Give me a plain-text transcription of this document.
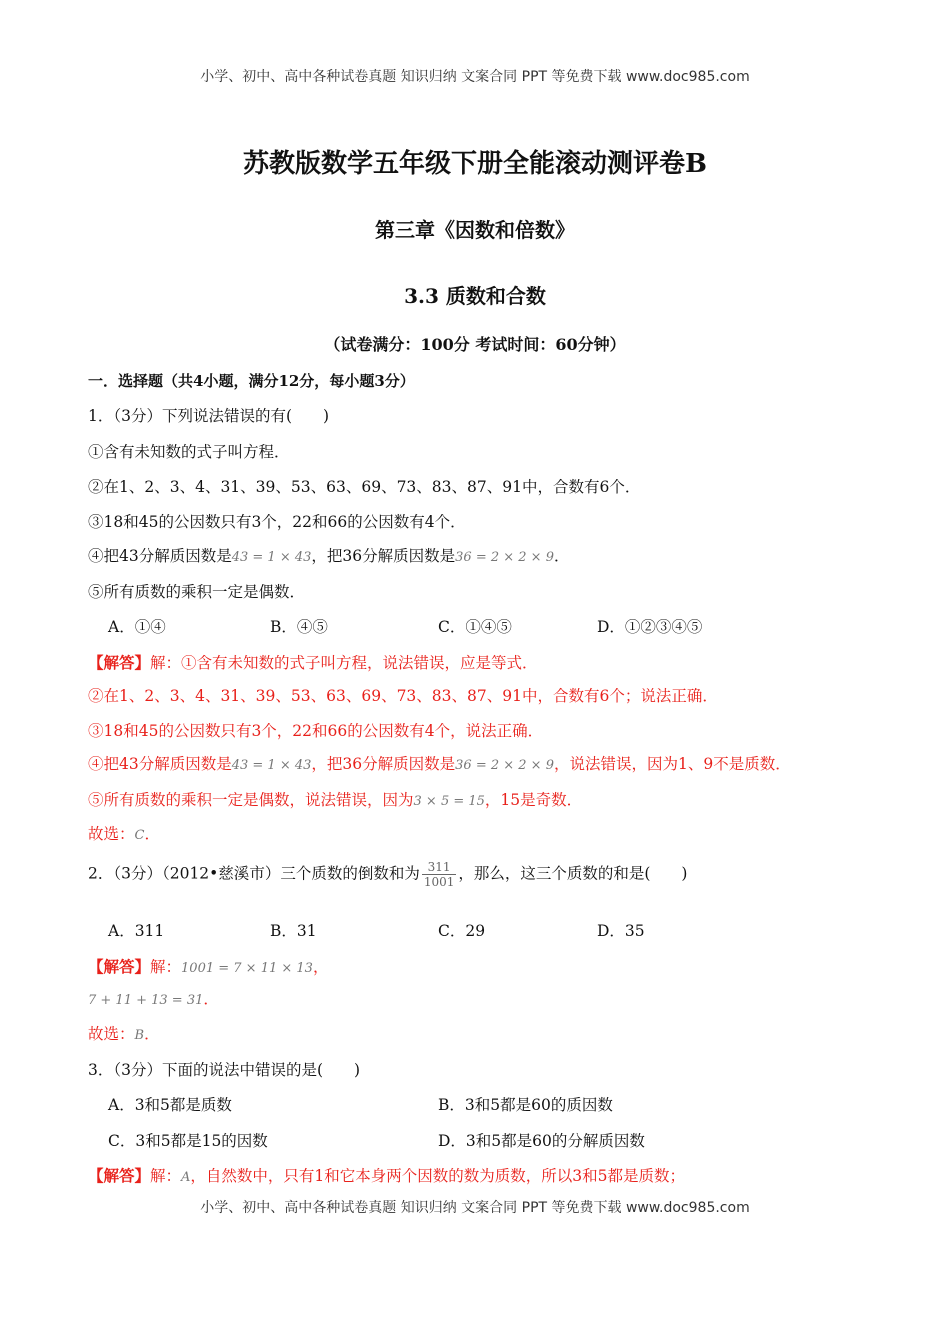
小学、初中、高中各种试卷真题 知识归纳 文案合同 PPT 等免费下载 www.doc985.com
苏教版数学五年级下册全能滚动测评卷B
第三章《因数和倍数》
3.3 质数和合数
（试卷满分：100分 考试时间：60分钟）
一．选择题（共4小题，满分12分，每小题3分）
1．（3分）下列说法错误的有(　　)
①含有未知数的式子叫方程．
②在1、2、3、4、31、39、53、63、69、73、83、87、91中，合数有6个．
③18和45的公因数只有3个，22和66的公因数有4个．
④把43分解质因数是43 = 1 × 43，把36分解质因数是36 = 2 × 2 × 9．
⑤所有质数的乘积一定是偶数．
A．①④	B．④⑤	C．①④⑤	D．①②③④⑤
【解答】解：①含有未知数的式子叫方程，说法错误，应是等式．
②在1、2、3、4、31、39、53、63、69、73、83、87、91中，合数有6个；说法正确．
③18和45的公因数只有3个，22和66的公因数有4个，说法正确．
④把43分解质因数是43 = 1 × 43，把36分解质因数是36 = 2 × 2 × 9，说法错误，因为1、9不是质数．
⑤所有质数的乘积一定是偶数，说法错误，因为3 × 5 = 15，15是奇数．
故选：C．
2．（3分）（2012•慈溪市）三个质数的倒数和为 $\frac{311}{1001}$ ，那么，这三个质数的和是(　　)
A．311	B．31	C．29	D．35
【解答】解：1001 = 7 × 11 × 13，
7 + 11 + 13 = 31．
故选：B．
3．（3分）下面的说法中错误的是(　　)
A．3和5都是质数	B．3和5都是60的质因数
C．3和5都是15的因数	D．3和5都是60的分解质因数
【解答】解：A，自然数中，只有1和它本身两个因数的数为质数，所以3和5都是质数；
小学、初中、高中各种试卷真题 知识归纳 文案合同 PPT 等免费下载 www.doc985.com
